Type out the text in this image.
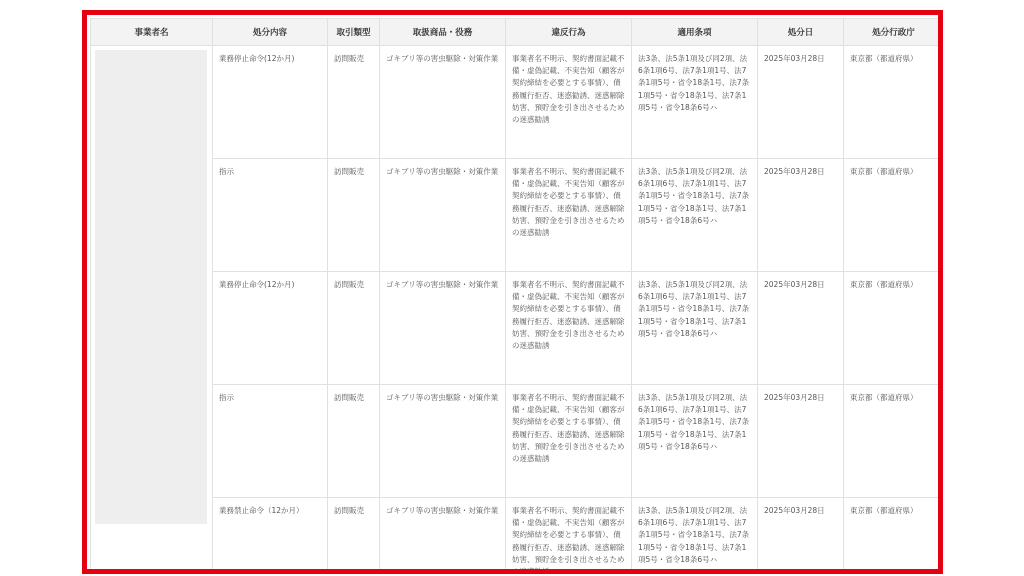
事業者名	処分内容	取引類型	取扱商品・役務	違反行為	適用条項	処分日	処分行政庁

	業務停止命令(12か月)	訪問販売	ゴキブリ等の害虫駆除・対策作業	事業者名不明示、契約書面記載不備・虚偽記載、不実告知（顧客が契約締結を必要とする事情）、債務履行拒否、迷惑勧誘、迷惑解除妨害、預貯金を引き出させるための迷惑勧誘	法3条、法5条1項及び同2項、法6条1項6号、法7条1項1号、法7条1項5号・省令18条1号、法7条1項5号・省令18条1号、法7条1項5号・省令18条6号ハ	2025年03月28日	東京都（都道府県）
	指示	訪問販売	ゴキブリ等の害虫駆除・対策作業	事業者名不明示、契約書面記載不備・虚偽記載、不実告知（顧客が契約締結を必要とする事情）、債務履行拒否、迷惑勧誘、迷惑解除妨害、預貯金を引き出させるための迷惑勧誘	法3条、法5条1項及び同2項、法6条1項6号、法7条1項1号、法7条1項5号・省令18条1号、法7条1項5号・省令18条1号、法7条1項5号・省令18条6号ハ	2025年03月28日	東京都（都道府県）
	業務停止命令(12か月)	訪問販売	ゴキブリ等の害虫駆除・対策作業	事業者名不明示、契約書面記載不備・虚偽記載、不実告知（顧客が契約締結を必要とする事情）、債務履行拒否、迷惑勧誘、迷惑解除妨害、預貯金を引き出させるための迷惑勧誘	法3条、法5条1項及び同2項、法6条1項6号、法7条1項1号、法7条1項5号・省令18条1号、法7条1項5号・省令18条1号、法7条1項5号・省令18条6号ハ	2025年03月28日	東京都（都道府県）
	指示	訪問販売	ゴキブリ等の害虫駆除・対策作業	事業者名不明示、契約書面記載不備・虚偽記載、不実告知（顧客が契約締結を必要とする事情）、債務履行拒否、迷惑勧誘、迷惑解除妨害、預貯金を引き出させるための迷惑勧誘	法3条、法5条1項及び同2項、法6条1項6号、法7条1項1号、法7条1項5号・省令18条1号、法7条1項5号・省令18条1号、法7条1項5号・省令18条6号ハ	2025年03月28日	東京都（都道府県）
	業務禁止命令（12か月）	訪問販売	ゴキブリ等の害虫駆除・対策作業	事業者名不明示、契約書面記載不備・虚偽記載、不実告知（顧客が契約締結を必要とする事情）、債務履行拒否、迷惑勧誘、迷惑解除妨害、預貯金を引き出させるための迷惑勧誘	法3条、法5条1項及び同2項、法6条1項6号、法7条1項1号、法7条1項5号・省令18条1号、法7条1項5号・省令18条1号、法7条1項5号・省令18条6号ハ	2025年03月28日	東京都（都道府県）
